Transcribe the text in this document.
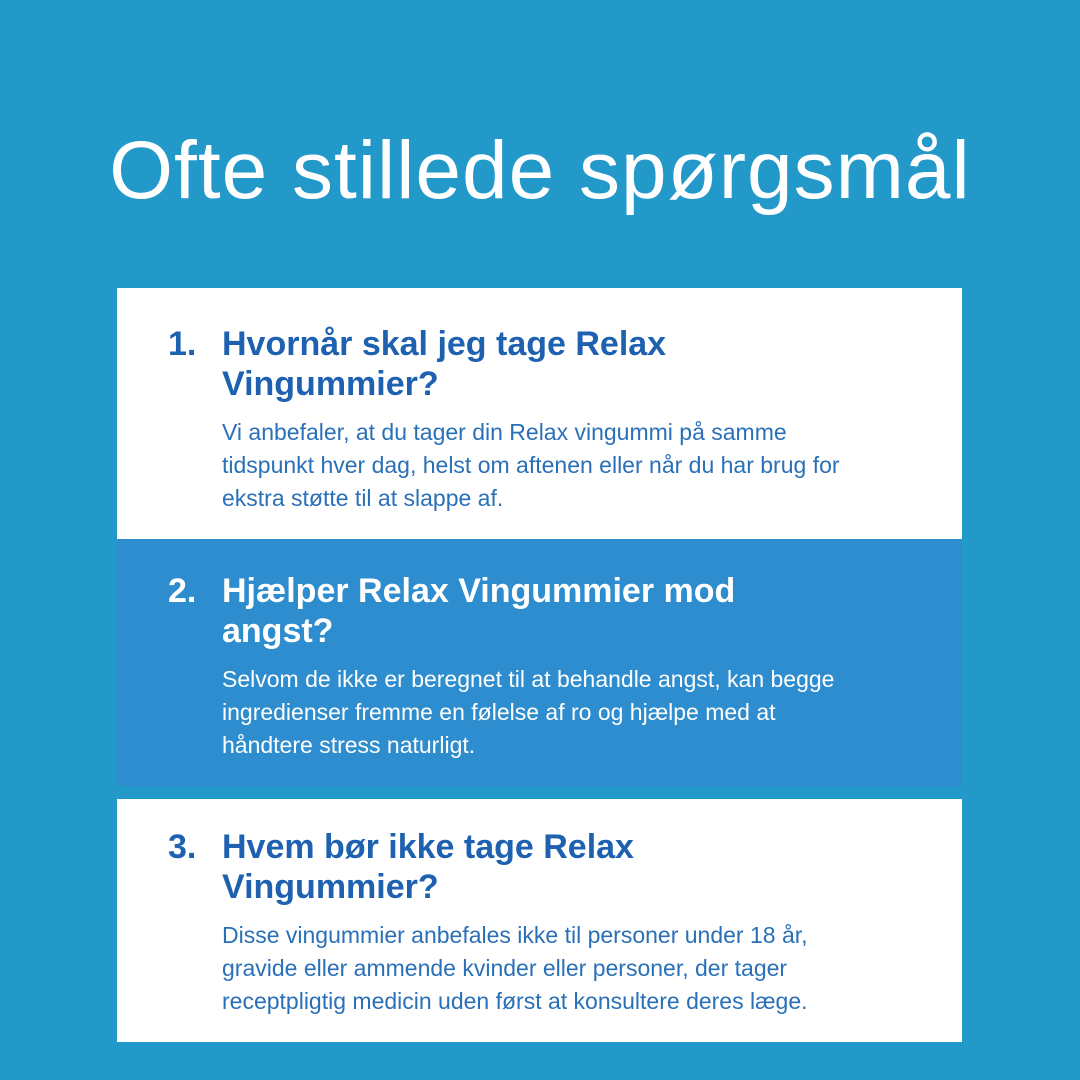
Ofte stillede spørgsmål
1. Hvornår skal jeg tage Relax Vingummier?

Vi anbefaler, at du tager din Relax vingummi på samme tidspunkt hver dag, helst om aftenen eller når du har brug for ekstra støtte til at slappe af.

2. Hjælper Relax Vingummier mod angst?

Selvom de ikke er beregnet til at behandle angst, kan begge ingredienser fremme en følelse af ro og hjælpe med at håndtere stress naturligt.

3. Hvem bør ikke tage Relax Vingummier?

Disse vingummier anbefales ikke til personer under 18 år, gravide eller ammende kvinder eller personer, der tager receptpligtig medicin uden først at konsultere deres læge.
